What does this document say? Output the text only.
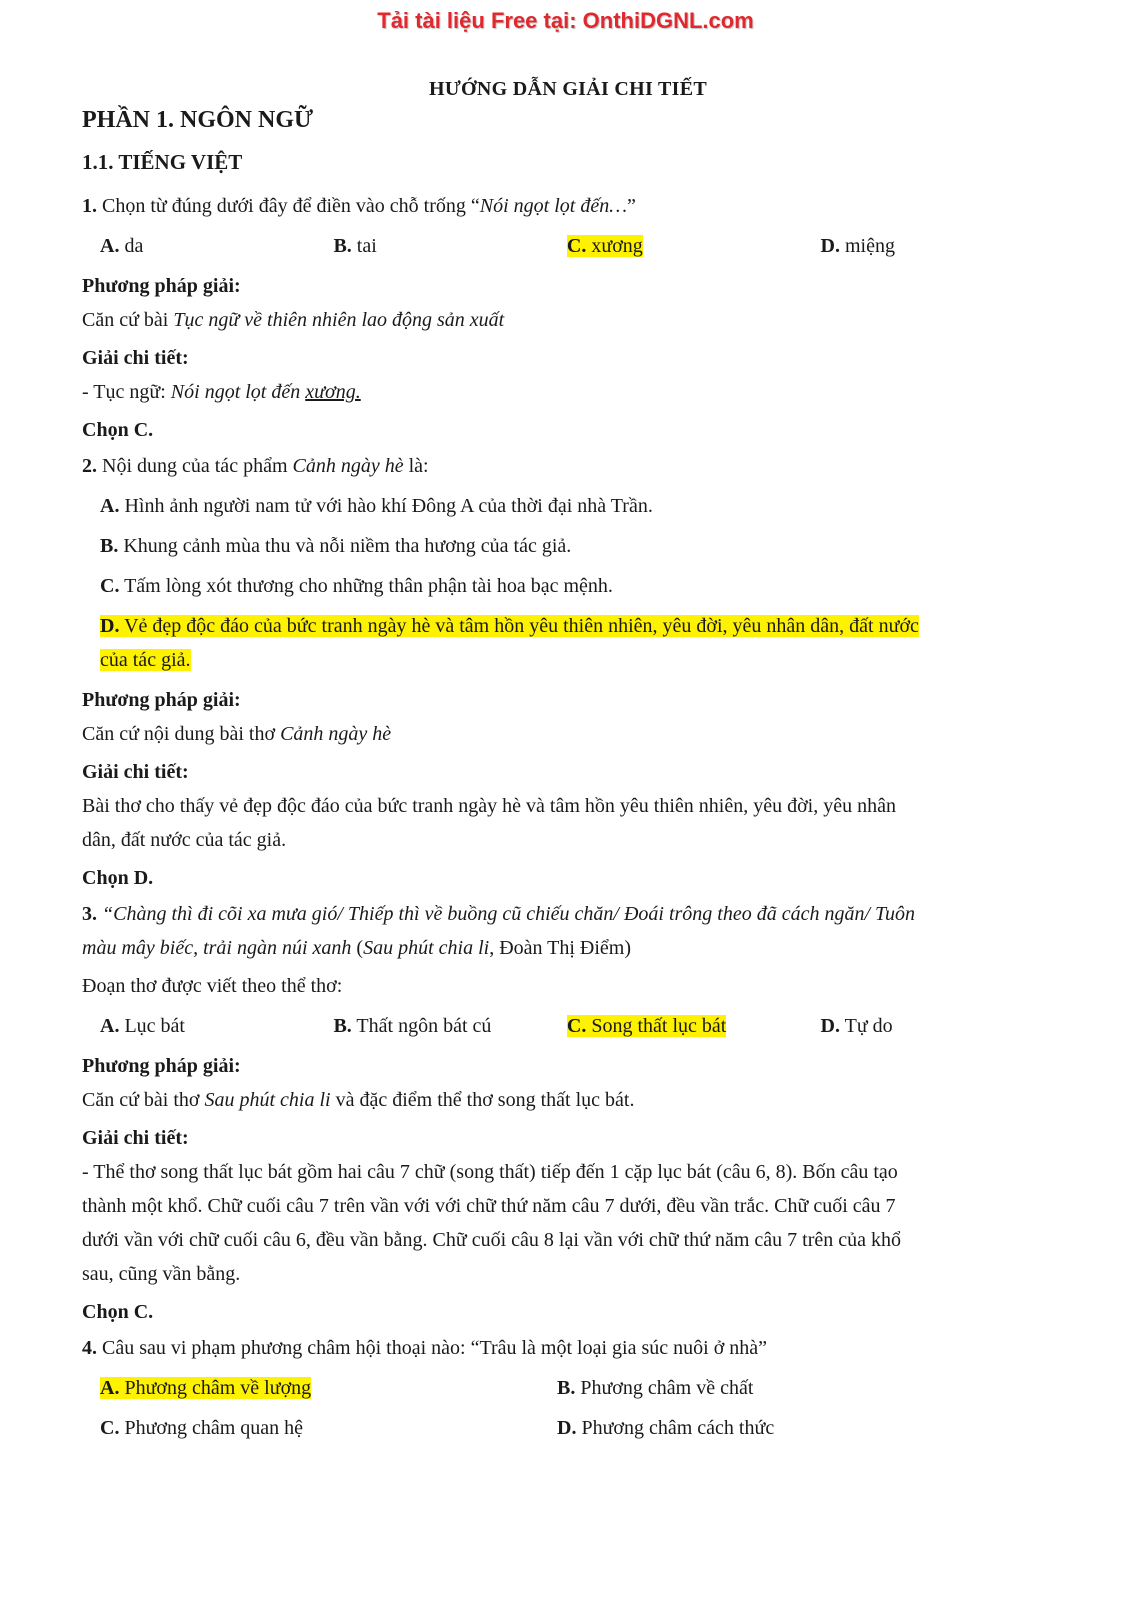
Tải tài liệu Free tại: OnthiDGNL.com
HƯỚNG DẪN GIẢI CHI TIẾT
PHẦN 1. NGÔN NGỮ
1.1. TIẾNG VIỆT

1. Chọn từ đúng dưới đây để điền vào chỗ trống “Nói ngọt lọt đến…”

A. da	B. tai	C. xương	D. miệng
Phương pháp giải:

Căn cứ bài Tục ngữ về thiên nhiên lao động sản xuất

Giải chi tiết:

- Tục ngữ: Nói ngọt lọt đến xương.

Chọn C.

2. Nội dung của tác phẩm Cảnh ngày hè là:

A. Hình ảnh người nam tử với hào khí Đông A của thời đại nhà Trần.
B. Khung cảnh mùa thu và nỗi niềm tha hương của tác giả.
C. Tấm lòng xót thương cho những thân phận tài hoa bạc mệnh.
D. Vẻ đẹp độc đáo của bức tranh ngày hè và tâm hồn yêu thiên nhiên, yêu đời, yêu nhân dân, đất nước
của tác giả.
Phương pháp giải:

Căn cứ nội dung bài thơ Cảnh ngày hè

Giải chi tiết:

Bài thơ cho thấy vẻ đẹp độc đáo của bức tranh ngày hè và tâm hồn yêu thiên nhiên, yêu đời, yêu nhân

dân, đất nước của tác giả.

Chọn D.

3. “Chàng thì đi cõi xa mưa gió/ Thiếp thì về buồng cũ chiếu chăn/ Đoái trông theo đã cách ngăn/ Tuôn

màu mây biếc, trải ngàn núi xanh (Sau phút chia li, Đoàn Thị Điểm)

Đoạn thơ được viết theo thể thơ:

A. Lục bát	B. Thất ngôn bát cú	C. Song thất lục bát	D. Tự do
Phương pháp giải:

Căn cứ bài thơ Sau phút chia li và đặc điểm thể thơ song thất lục bát.

Giải chi tiết:

- Thể thơ song thất lục bát gồm hai câu 7 chữ (song thất) tiếp đến 1 cặp lục bát (câu 6, 8). Bốn câu tạo

thành một khổ. Chữ cuối câu 7 trên vần với với chữ thứ năm câu 7 dưới, đều vần trắc. Chữ cuối câu 7

dưới vần với chữ cuối câu 6, đều vần bằng. Chữ cuối câu 8 lại vần với chữ thứ năm câu 7 trên của khổ

sau, cũng vần bằng.

Chọn C.

4. Câu sau vi phạm phương châm hội thoại nào: “Trâu là một loại gia súc nuôi ở nhà”

A. Phương châm về lượng	B. Phương châm về chất
C. Phương châm quan hệ	D. Phương châm cách thức
